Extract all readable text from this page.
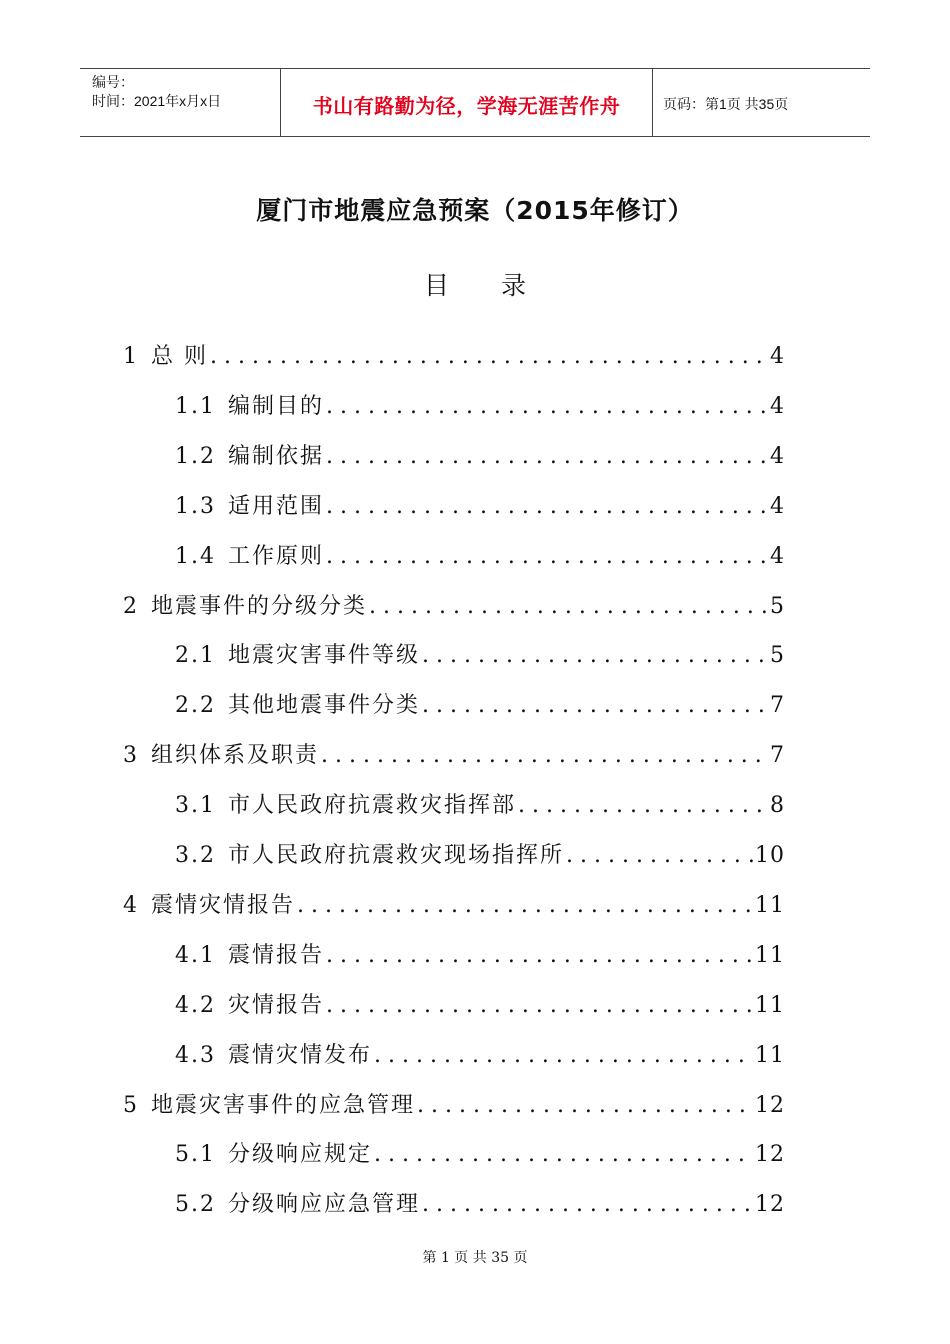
编号：
时间：2021年x月x日	书山有路勤为径，学海无涯苦作舟	页码：第1页 共35页
厦门市地震应急预案（2015年修订）
目 录
1 总 则 .....	4
1.1 编制目的 .....	4
1.2 编制依据 .....	4
1.3 适用范围 .....	4
1.4 工作原则 .....	4
2 地震事件的分级分类 .....	5
2.1 地震灾害事件等级 .....	5
2.2 其他地震事件分类 .....	7
3 组织体系及职责 .....	7
3.1 市人民政府抗震救灾指挥部 .....	8
3.2 市人民政府抗震救灾现场指挥所 .....	10
4 震情灾情报告 .....	11
4.1 震情报告 .....	11
4.2 灾情报告 .....	11
4.3 震情灾情发布 .....	11
5 地震灾害事件的应急管理 .....	12
5.1 分级响应规定 .....	12
5.2 分级响应应急管理 .....	12
第 1 页 共 35 页
